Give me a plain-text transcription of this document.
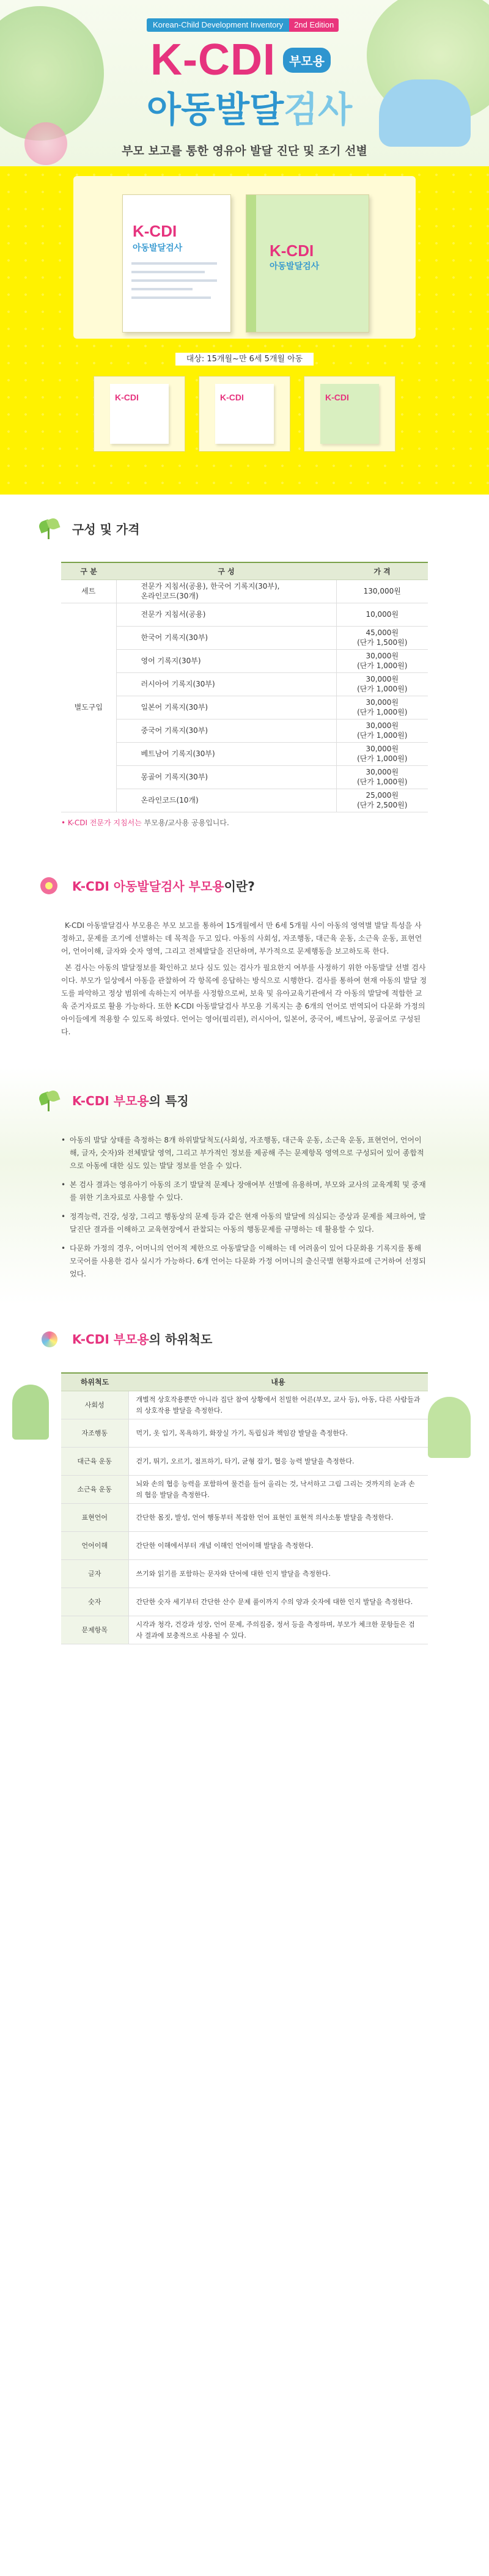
Korean-Child Development Inventory	2nd Edition
K-CDI	부모용
아동발달검사
부모 보고를 통한 영유아 발달 진단 및 조기 선별
K-CDI
아동발달검사	K-CDI
아동발달검사
대상: 15개월~만 6세 5개월 아동
K-CDI	K-CDI	K-CDI
구성 및 가격
구 분	구 성	가 격
세트	전문가 지침서(공용), 한국어 기록지(30부),
온라인코드(30개)	130,000원
별도구입	전문가 지침서(공용)	10,000원
	한국어 기록지(30부)	45,000원
(단가 1,500원)
	영어 기록지(30부)	30,000원
(단가 1,000원)
	러시아어 기록지(30부)	30,000원
(단가 1,000원)
	일본어 기록지(30부)	30,000원
(단가 1,000원)
	중국어 기록지(30부)	30,000원
(단가 1,000원)
	베트남어 기록지(30부)	30,000원
(단가 1,000원)
	몽골어 기록지(30부)	30,000원
(단가 1,000원)
	온라인코드(10개)	25,000원
(단가 2,500원)

• K-CDI 전문가 지침서는 부모용/교사용 공용입니다.

K-CDI 아동발달검사 부모용이란?

K-CDI 아동발달검사 부모용은 부모 보고를 통하여 15개월에서 만 6세 5개월 사이 아동의 영역별 발달 특성을 사정하고, 문제를 조기에 선별하는 데 목적을 두고 있다. 아동의 사회성, 자조행동, 대근육 운동, 소근육 운동, 표현언어, 언어이해, 글자와 숫자 영역, 그리고 전체발달을 진단하며, 부가적으로 문제행동을 보고하도록 한다.

본 검사는 아동의 발달정보를 확인하고 보다 심도 있는 검사가 필요한지 여부를 사정하기 위한 아동발달 선별 검사이다. 부모가 일상에서 아동을 관찰하여 각 항목에 응답하는 방식으로 시행한다. 검사를 통하여 현재 아동의 발달 정도를 파악하고 정상 범위에 속하는지 여부를 사정함으로써, 보육 및 유아교육기관에서 각 아동의 발달에 적합한 교육 준거자료로 활용 가능하다. 또한 K-CDI 아동발달검사 부모용 기록지는 총 6개의 언어로 번역되어 다문화 가정의 아이들에게 적용할 수 있도록 하였다. 언어는 영어(필리핀), 러시아어, 일본어, 중국어, 베트남어, 몽골어로 구성된다.

K-CDI 부모용의 특징
• 아동의 발달 상태를 측정하는 8개 하위발달척도(사회성, 자조행동, 대근육 운동, 소근육 운동, 표현언어, 언어이해, 글자, 숫자)와 전체발달 영역, 그리고 부가적인 정보를 제공해 주는 문제항목 영역으로 구성되어 있어 종합적으로 아동에 대한 심도 있는 발달 정보를 얻을 수 있다.
• 본 검사 결과는 영유아기 아동의 조기 발달적 문제나 장애여부 선별에 유용하며, 부모와 교사의 교육계획 및 중재를 위한 기초자료로 사용할 수 있다.
• 정격능력, 건강, 성장, 그리고 행동상의 문제 등과 같은 현재 아동의 발달에 의심되는 증상과 문제를 체크하여, 발달진단 결과를 이해하고 교육현장에서 관찰되는 아동의 행동문제를 규명하는 데 활용할 수 있다.
• 다문화 가정의 경우, 어머니의 언어적 제한으로 아동발달을 이해하는 데 어려움이 있어 다문화용 기록지를 통해 모국어를 사용한 검사 실시가 가능하다. 6개 언어는 다문화 가정 어머니의 출신국별 현황자료에 근거하여 선정되었다.
K-CDI 부모용의 하위척도
하위척도	내용
사회성	개별적 상호작용뿐만 아니라 집단 참여 상황에서 친밀한 어른(부모, 교사 등), 아동, 다른 사람들과의 상호작용 발달을 측정한다.
자조행동	먹기, 옷 입기, 목욕하기, 화장실 가기, 독립심과 책임감 발달을 측정한다.
대근육 운동	걷기, 뛰기, 오르기, 점프하기, 타기, 균형 잡기, 협응 능력 발달을 측정한다.
소근육 운동	뇌와 손의 협응 능력을 포함하여 물건을 들어 올리는 것, 낙서하고 그림 그리는 것까지의 눈과 손의 협응 발달을 측정한다.
표현언어	간단한 몸짓, 발성, 언어 행동부터 복잡한 언어 표현인 표현적 의사소통 발달을 측정한다.
언어이해	간단한 이해에서부터 개념 이해인 언어이해 발달을 측정한다.
글자	쓰기와 읽기를 포함하는 문자와 단어에 대한 인지 발달을 측정한다.
숫자	간단한 숫자 세기부터 간단한 산수 문제 풀이까지 수의 양과 숫자에 대한 인지 발달을 측정한다.
문제항목	시각과 청각, 건강과 성장, 언어 문제, 주의집중, 정서 등을 측정하며, 부모가 체크한 문항들은 검사 결과에 보충적으로 사용될 수 있다.
